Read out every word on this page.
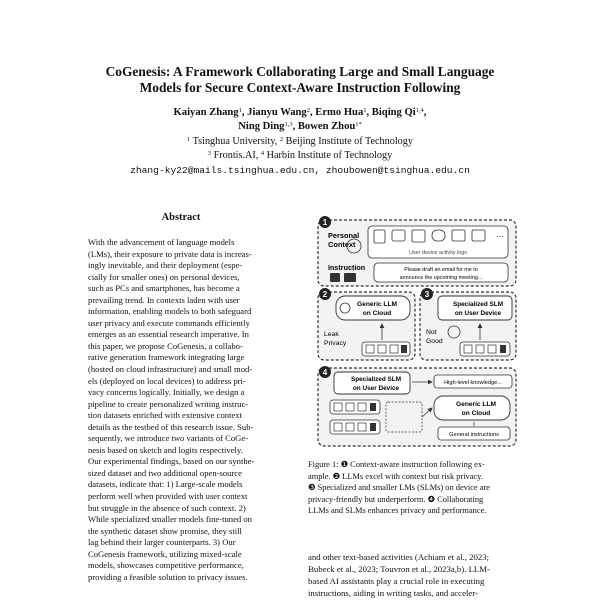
CoGenesis: A Framework Collaborating Large and Small Language
Models for Secure Context-Aware Instruction Following
Kaiyan Zhang$^1$, Jianyu Wang$^2$, Ermo Hua$^1$, Biqing Qi$^{1,4}$,
Ning Ding$^{1,3}$, Bowen Zhou$^{1*}$
$^1$ Tsinghua University, $^2$ Beijing Institute of Technology
$^3$ Frontis.AI, $^4$ Harbin Institute of Technology
zhang-ky22@mails.tsinghua.edu.cn, zhoubowen@tsinghua.edu.cn
Abstract
With the advancement of language models
(LMs), their exposure to private data is increas-
ingly inevitable, and their deployment (espe-
cially for smaller ones) on personal devices,
such as PCs and smartphones, has become a
prevailing trend. In contexts laden with user
information, enabling models to both safeguard
user privacy and execute commands efficiently
emerges as an essential research imperative. In
this paper, we propose CoGenesis, a collabo-
rative generation framework integrating large
(hosted on cloud infrastructure) and small mod-
els (deployed on local devices) to address pri-
vacy concerns logically. Initially, we design a
pipeline to create personalized writing instruc-
tion datasets enriched with extensive context
details as the testbed of this research issue. Sub-
sequently, we introduce two variants of CoGe-
nesis based on sketch and logits respectively.
Our experimental findings, based on our synthe-
sized dataset and two additional open-source
datasets, indicate that: 1) Large-scale models
perform well when provided with user context
but struggle in the absence of such context. 2)
While specialized smaller models fine-tuned on
the synthetic dataset show promise, they still
lag behind their larger counterparts. 3) Our
CoGenesis framework, utilizing mixed-scale
models, showcases competitive performance,
providing a feasible solution to privacy issues.
1
Personal
Context
···
User device activity logs
Instruction	Please draft an email for me to
announce the upcoming meeting...
2
Generic LLM
on Cloud
Leak
Privacy
3
Specialized SLM
on User Device
Not
Good
4
Specialized SLM
on User Device
High-level knowledge...
Generic LLM
on Cloud
General instructions
Figure 1: ❶ Context-aware instruction following ex-
ample. ❷ LLMs excel with context but risk privacy.
❸ Specialized and smaller LMs (SLMs) on device are
privacy-friendly but underperform. ❹ Collaborating
LLMs and SLMs enhances privacy and performance.
and other text-based activities (Achiam et al., 2023;
Bubeck et al., 2023; Touvron et al., 2023a,b). LLM-
based AI assistants play a crucial role in executing
instructions, aiding in writing tasks, and acceler-
